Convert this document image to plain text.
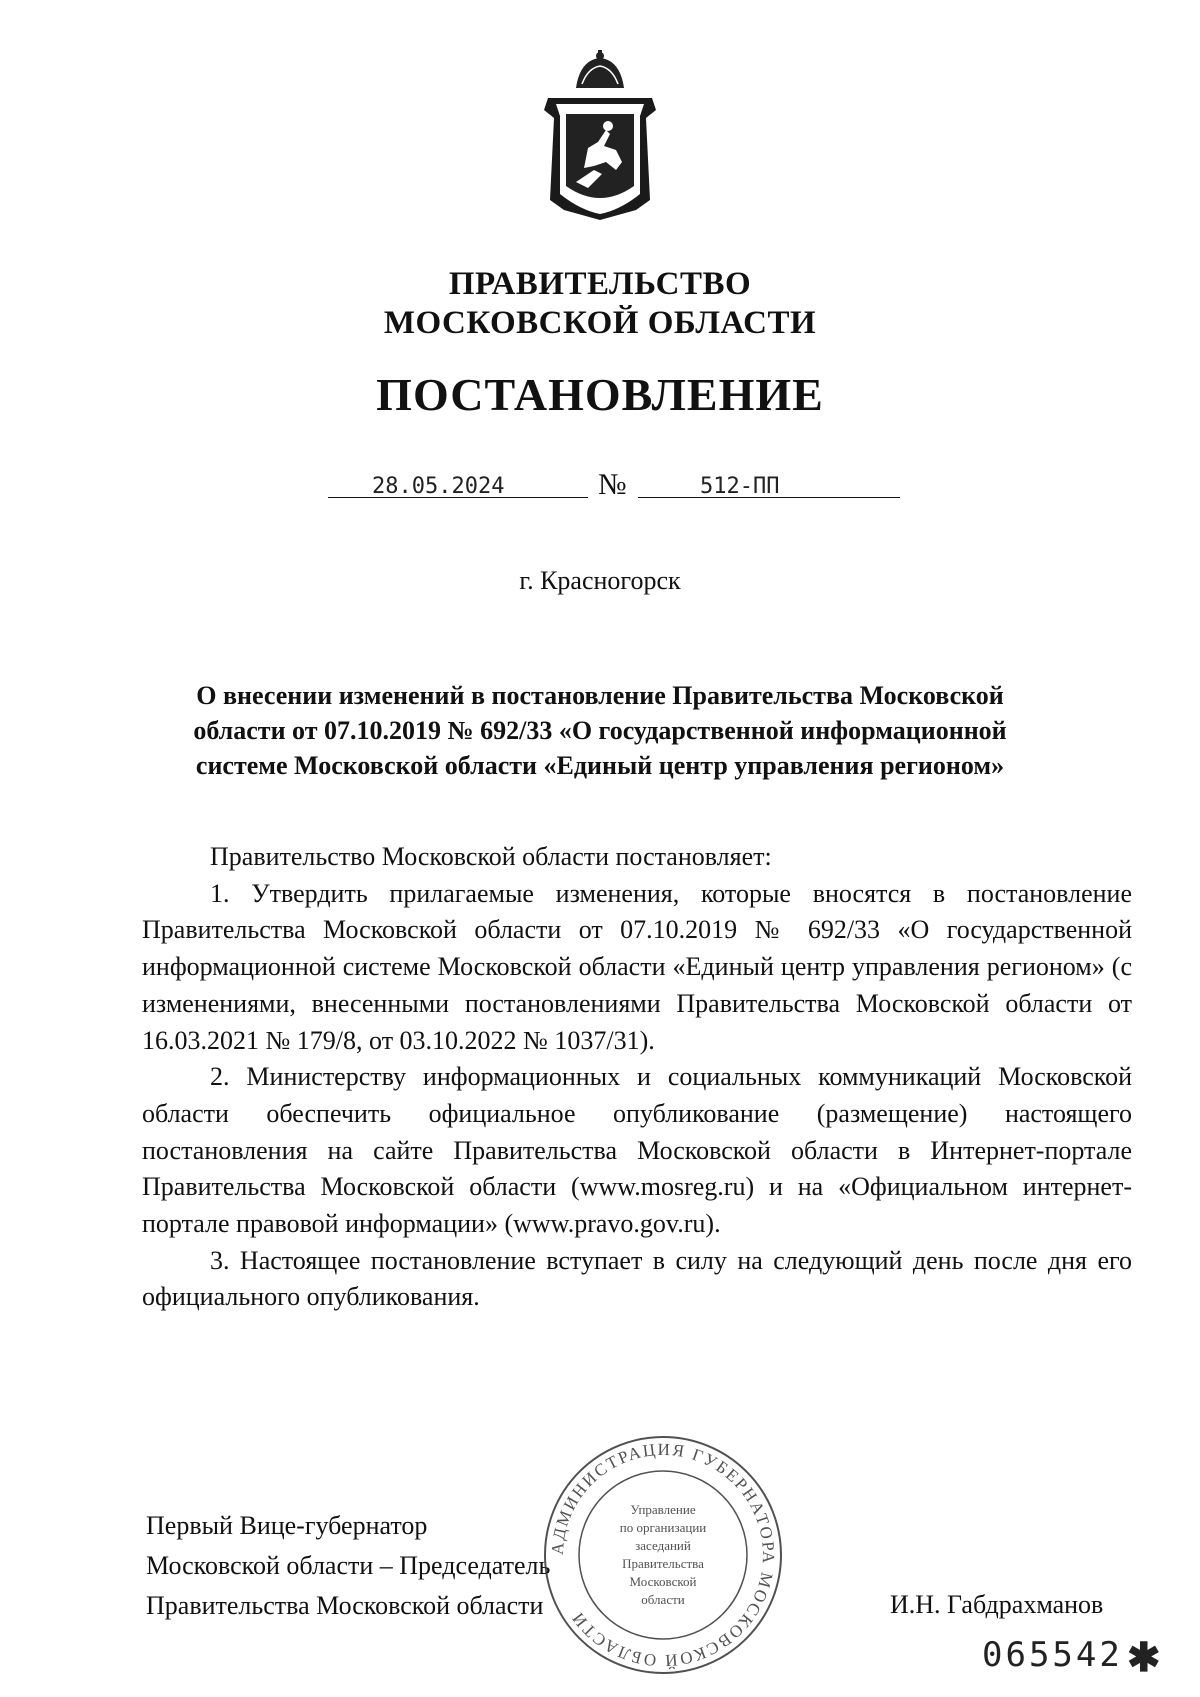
ПРАВИТЕЛЬСТВО
МОСКОВСКОЙ ОБЛАСТИ
ПОСТАНОВЛЕНИЕ
28.05.2024	№	512-ПП
г. Красногорск
О внесении изменений в постановление Правительства Московской
области от 07.10.2019 № 692/33 «О государственной информационной
системе Московской области «Единый центр управления регионом»

Правительство Московской области постановляет:

1. Утвердить прилагаемые изменения, которые вносятся в постановление Правительства Московской области от 07.10.2019 № 692/33 «О государственной информационной системе Московской области «Единый центр управления регионом» (с изменениями, внесенными постановлениями Правительства Московской области от 16.03.2021 № 179/8, от 03.10.2022 № 1037/31).

2. Министерству информационных и социальных коммуникаций Московской области обеспечить официальное опубликование (размещение) настоящего постановления на сайте Правительства Московской области в Интернет-портале Правительства Московской области (www.mosreg.ru) и на «Официальном интернет-портале правовой информации» (www.pravo.gov.ru).

3. Настоящее постановление вступает в силу на следующий день после дня его официального опубликования.

Первый Вице-губернатор
Московской области – Председатель
Правительства Московской области
АДМИНИСТРАЦИЯ ГУБЕРНАТОРА МОСКОВСКОЙ ОБЛАСТИ
Управление
по организации
заседаний
Правительства
Московской
области	И.Н. Габдрахманов
065542 ✱
